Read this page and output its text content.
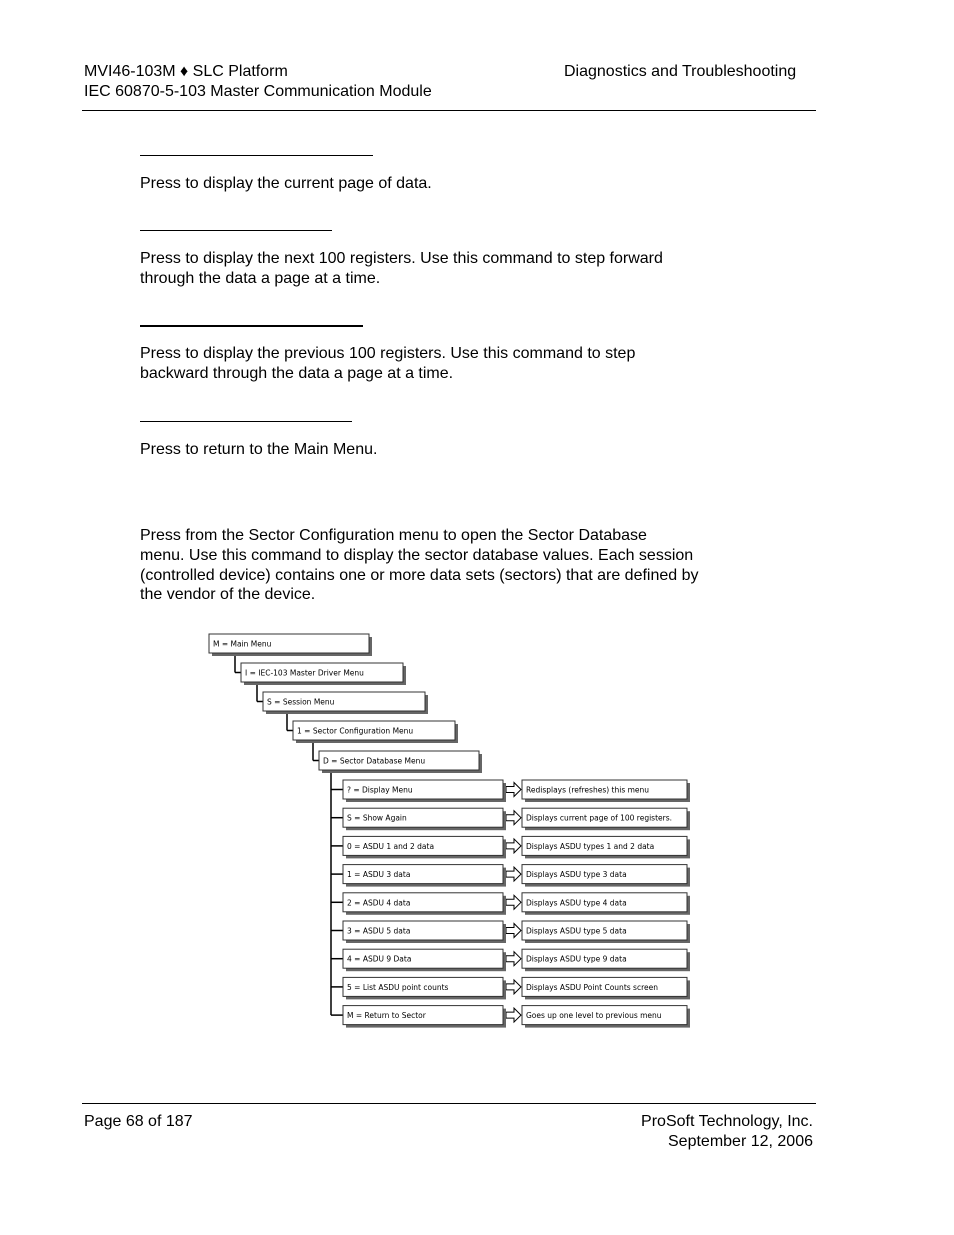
MVI46-103M ♦ SLC Platform
IEC 60870-5-103 Master Communication Module
Diagnostics and Troubleshooting
Press to display the current page of data.
Press to display the next 100 registers. Use this command to step forward
through the data a page at a time.
Press to display the previous 100 registers. Use this command to step
backward through the data a page at a time.
Press to return to the Main Menu.
Press from the Sector Configuration menu to open the Sector Database
menu. Use this command to display the sector database values. Each session
(controlled device) contains one or more data sets (sectors) that are defined by
the vendor of the device.
M = Main Menu
I = IEC-103 Master Driver Menu
S = Session Menu
1 = Sector Configuration Menu
D = Sector Database Menu
? = Display Menu	Redisplays (refreshes) this menu
S = Show Again	Displays current page of 100 registers.
0 = ASDU 1 and 2 data	Displays ASDU types 1 and 2 data
1 = ASDU 3 data	Displays ASDU type 3 data
2 = ASDU 4 data	Displays ASDU type 4 data
3 = ASDU 5 data	Displays ASDU type 5 data
4 = ASDU 9 Data	Displays ASDU type 9 data
5 = List ASDU point counts	Displays ASDU Point Counts screen
M = Return to Sector	Goes up one level to previous menu
Page 68 of 187	ProSoft Technology, Inc.
September 12, 2006
